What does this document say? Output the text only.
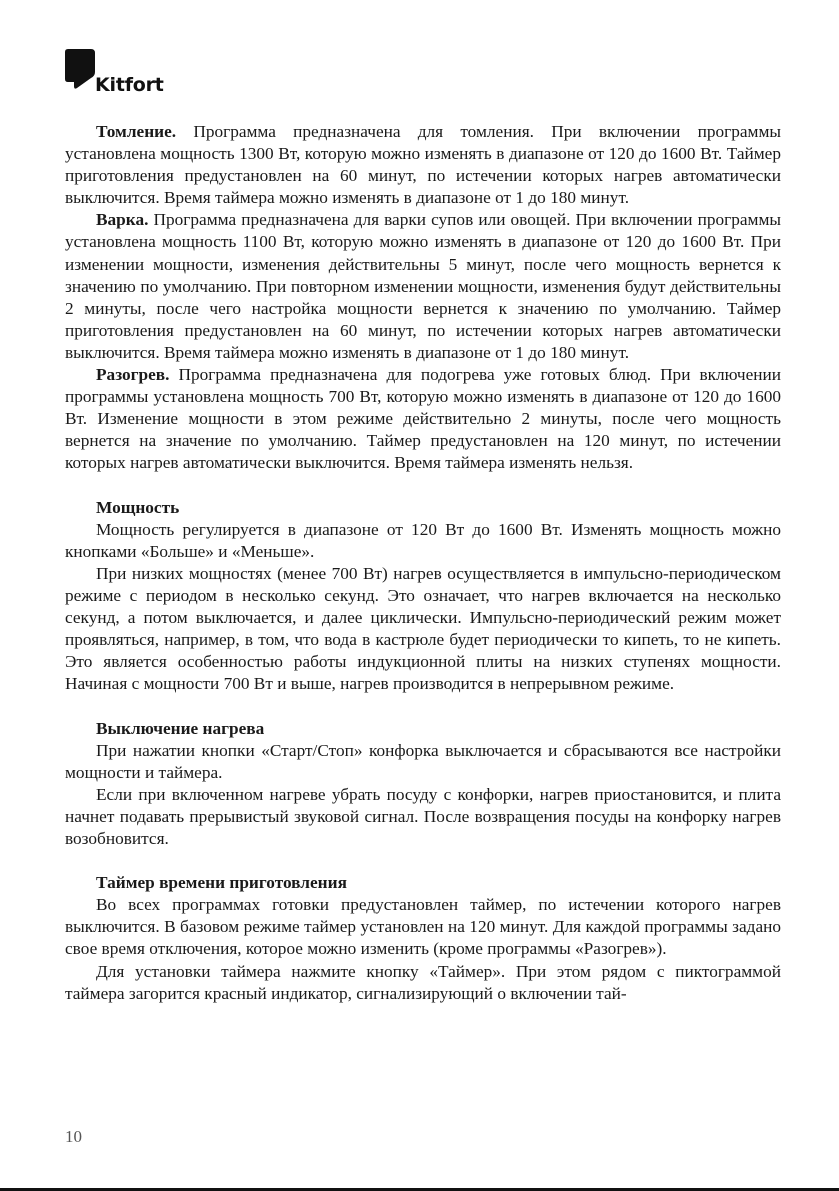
Kitfort

Томление. Программа предназначена для томления. При включении программы установлена мощность 1300 Вт, которую можно изменять в диапазоне от 120 до 1600 Вт. Таймер приготовления предустановлен на 60 минут, по истечении которых нагрев автоматически выключится. Время таймера можно изменять в диапазоне от 1 до 180 минут.

Варка. Программа предназначена для варки супов или овощей. При включении программы установлена мощность 1100 Вт, которую можно изменять в диапазоне от 120 до 1600 Вт. При изменении мощности, изменения действительны 5 минут, после чего мощность вернется к значению по умолчанию. При повторном изменении мощности, изменения будут действительны 2 минуты, после чего настройка мощности вернется к значению по умолчанию. Таймер приготовления предустановлен на 60 минут, по истечении которых нагрев автоматически выключится. Время таймера можно изменять в диапазоне от 1 до 180 минут.

Разогрев. Программа предназначена для подогрева уже готовых блюд. При включении программы установлена мощность 700 Вт, которую можно изменять в диапазоне от 120 до 1600 Вт. Изменение мощности в этом режиме действительно 2 минуты, после чего мощность вернется на значение по умолчанию. Таймер предустановлен на 120 минут, по истечении которых нагрев автоматически выключится. Время таймера изменять нельзя.

Мощность

Мощность регулируется в диапазоне от 120 Вт до 1600 Вт. Изменять мощность можно кнопками «Больше» и «Меньше».

При низких мощностях (менее 700 Вт) нагрев осуществляется в импульсно-периодическом режиме с периодом в несколько секунд. Это означает, что нагрев включается на несколько секунд, а потом выключается, и далее циклически. Импульсно-периодический режим может проявляться, например, в том, что вода в кастрюле будет периодически то кипеть, то не кипеть. Это является особенностью работы индукционной плиты на низких ступенях мощности. Начиная с мощности 700 Вт и выше, нагрев производится в непрерывном режиме.

Выключение нагрева

При нажатии кнопки «Старт/Стоп» конфорка выключается и сбрасываются все настройки мощности и таймера.

Если при включенном нагреве убрать посуду с конфорки, нагрев приостановится, и плита начнет подавать прерывистый звуковой сигнал. После возвращения посуды на конфорку нагрев возобновится.

Таймер времени приготовления

Во всех программах готовки предустановлен таймер, по истечении которого нагрев выключится. В базовом режиме таймер установлен на 120 минут. Для каждой программы задано свое время отключения, которое можно изменить (кроме программы «Разогрев»).

Для установки таймера нажмите кнопку «Таймер». При этом рядом с пиктограммой таймера загорится красный индикатор, сигнализирующий о включении тай-

10
